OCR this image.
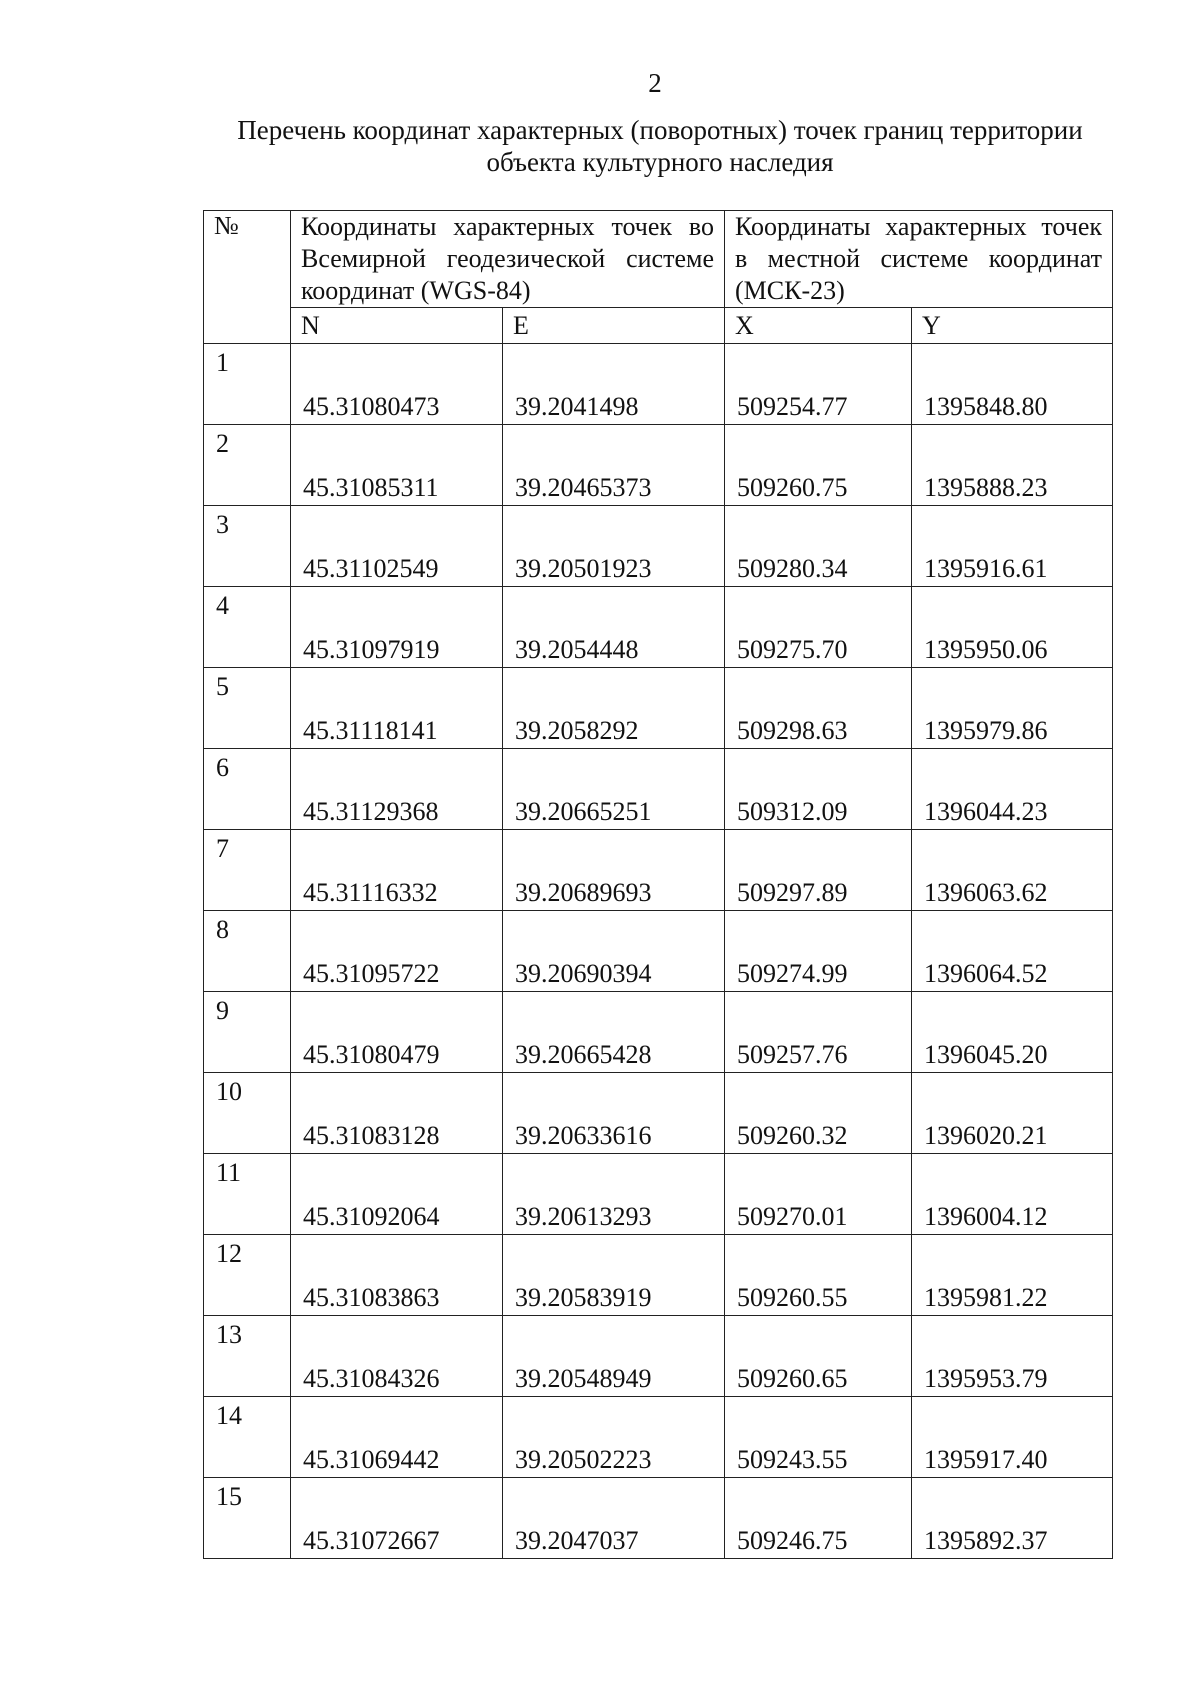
2
Перечень координат характерных (поворотных) точек границ территории
объекта культурного наследия
№	Координаты характерных точек во Всемирной геодезической системе координат (WGS-84)		Координаты характерных точек в местной системе координат (МСК-23)	
	N	E	X	Y

1	45.31080473	39.2041498	509254.77	1395848.80

2	45.31085311	39.20465373	509260.75	1395888.23

3	45.31102549	39.20501923	509280.34	1395916.61

4	45.31097919	39.2054448	509275.70	1395950.06

5	45.31118141	39.2058292	509298.63	1395979.86

6	45.31129368	39.20665251	509312.09	1396044.23

7	45.31116332	39.20689693	509297.89	1396063.62

8	45.31095722	39.20690394	509274.99	1396064.52

9	45.31080479	39.20665428	509257.76	1396045.20

10	45.31083128	39.20633616	509260.32	1396020.21

11	45.31092064	39.20613293	509270.01	1396004.12

12	45.31083863	39.20583919	509260.55	1395981.22

13	45.31084326	39.20548949	509260.65	1395953.79

14	45.31069442	39.20502223	509243.55	1395917.40

15	45.31072667	39.2047037	509246.75	1395892.37
